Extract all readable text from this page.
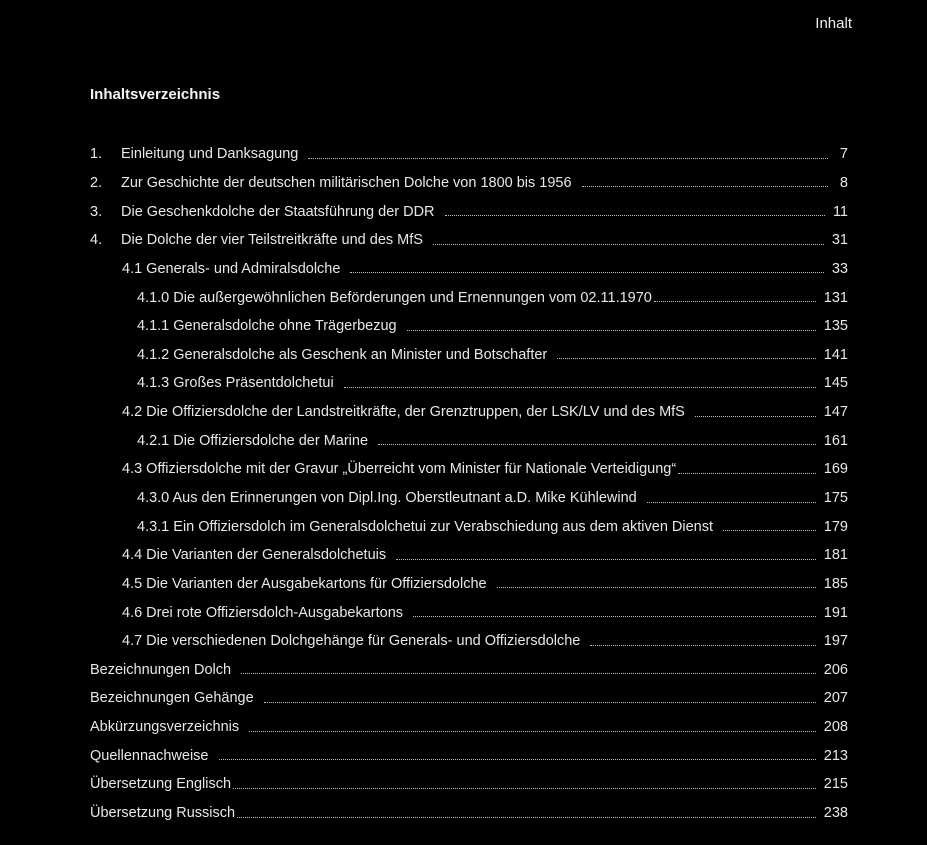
Inhalt
Inhaltsverzeichnis
1.	Einleitung und Danksagung	7
2.	Zur Geschichte der deutschen militärischen Dolche von 1800 bis 1956	8
3.	Die Geschenkdolche der Staatsführung der DDR	11
4.	Die Dolche der vier Teilstreitkräfte und des MfS	31
4.1 Generals- und Admiralsdolche	33
4.1.0 Die außergewöhnlichen Beförderungen und Ernennungen vom 02.11.1970	131
4.1.1 Generalsdolche ohne Trägerbezug	135
4.1.2 Generalsdolche als Geschenk an Minister und Botschafter	141
4.1.3 Großes Präsentdolchetui	145
4.2 Die Offiziersdolche der Landstreitkräfte, der Grenztruppen, der LSK/LV und des MfS	147
4.2.1 Die Offiziersdolche der Marine	161
4.3 Offiziersdolche mit der Gravur „Überreicht vom Minister für Nationale Verteidigung“	169
4.3.0 Aus den Erinnerungen von Dipl.Ing. Oberstleutnant a.D. Mike Kühlewind	175
4.3.1 Ein Offiziersdolch im Generalsdolchetui zur Verabschiedung aus dem aktiven Dienst	179
4.4 Die Varianten der Generalsdolchetuis	181
4.5 Die Varianten der Ausgabekartons für Offiziersdolche	185
4.6 Drei rote Offiziersdolch-Ausgabekartons	191
4.7 Die verschiedenen Dolchgehänge für Generals- und Offiziersdolche	197
Bezeichnungen Dolch	206
Bezeichnungen Gehänge	207
Abkürzungsverzeichnis	208
Quellennachweise	213
Übersetzung Englisch	215
Übersetzung Russisch	238
